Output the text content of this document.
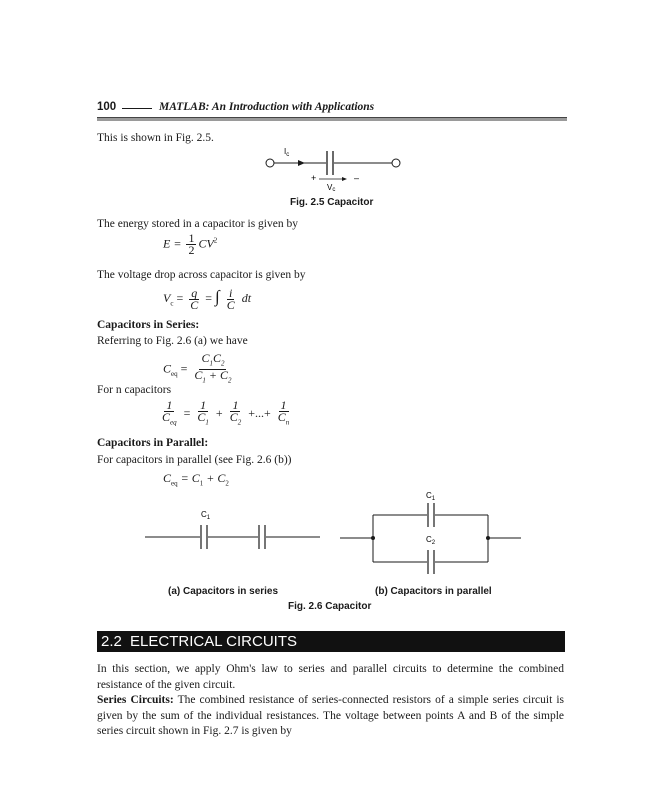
100	MATLAB: An Introduction with Applications
This is shown in Fig. 2.5.
$I_c$
+	–
Vc
Fig. 2.5 Capacitor
The energy stored in a capacitor is given by
$E = \frac{1}{2} CV^2$
The voltage drop across capacitor is given by
$V_c = \frac{q}{C}$ = ∫ $\frac{i}{C}$ dt
Capacitors in Series:
Referring to Fig. 2.6 (a) we have
$C_{eq} = \frac{C_1C_2}{C_1 + C_2}$
For n capacitors
$\frac{1}{C_{eq}} = \frac{1}{C_1} + \frac{1}{C_2}$ +...+ $\frac{1}{C_n}$
Capacitors in Parallel:
For capacitors in parallel (see Fig. 2.6 (b))
$C_{eq} = C_1 + C_2$
$C_1$
$C_1$
$C_2$
(a) Capacitors in series	(b) Capacitors in parallel
Fig. 2.6 Capacitor
2.2 ELECTRICAL CIRCUITS
In this section, we apply Ohm's law to series and parallel circuits to determine the combined resistance of the given circuit.
Series Circuits: The combined resistance of series-connected resistors of a simple series circuit is given by the sum of the individual resistances. The voltage between points A and B of the simple series circuit shown in Fig. 2.7 is given by
